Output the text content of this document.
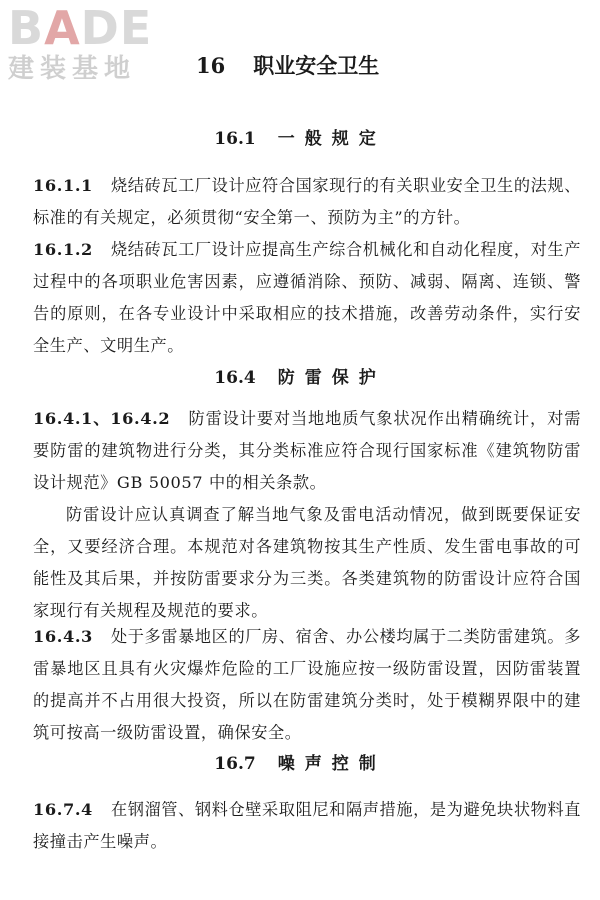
BADE
建装基地	16 职业安全卫生
16.1 一般规定
16.1.1 烧结砖瓦工厂设计应符合国家现行的有关职业安全卫生的法规、标准的有关规定，必须贯彻“安全第一、预防为主”的方针。
16.1.2 烧结砖瓦工厂设计应提高生产综合机械化和自动化程度，对生产过程中的各项职业危害因素，应遵循消除、预防、减弱、隔离、连锁、警告的原则，在各专业设计中采取相应的技术措施，改善劳动条件，实行安全生产、文明生产。
16.4 防雷保护
16.4.1、16.4.2 防雷设计要对当地地质气象状况作出精确统计，对需要防雷的建筑物进行分类，其分类标准应符合现行国家标准《建筑物防雷设计规范》GB 50057 中的相关条款。
防雷设计应认真调查了解当地气象及雷电活动情况，做到既要保证安全，又要经济合理。本规范对各建筑物按其生产性质、发生雷电事故的可能性及其后果，并按防雷要求分为三类。各类建筑物的防雷设计应符合国家现行有关规程及规范的要求。
16.4.3 处于多雷暴地区的厂房、宿舍、办公楼均属于二类防雷建筑。多雷暴地区且具有火灾爆炸危险的工厂设施应按一级防雷设置，因防雷装置的提高并不占用很大投资，所以在防雷建筑分类时，处于模糊界限中的建筑可按高一级防雷设置，确保安全。
16.7 噪声控制
16.7.4 在钢溜管、钢料仓壁采取阻尼和隔声措施，是为避免块状物料直接撞击产生噪声。
